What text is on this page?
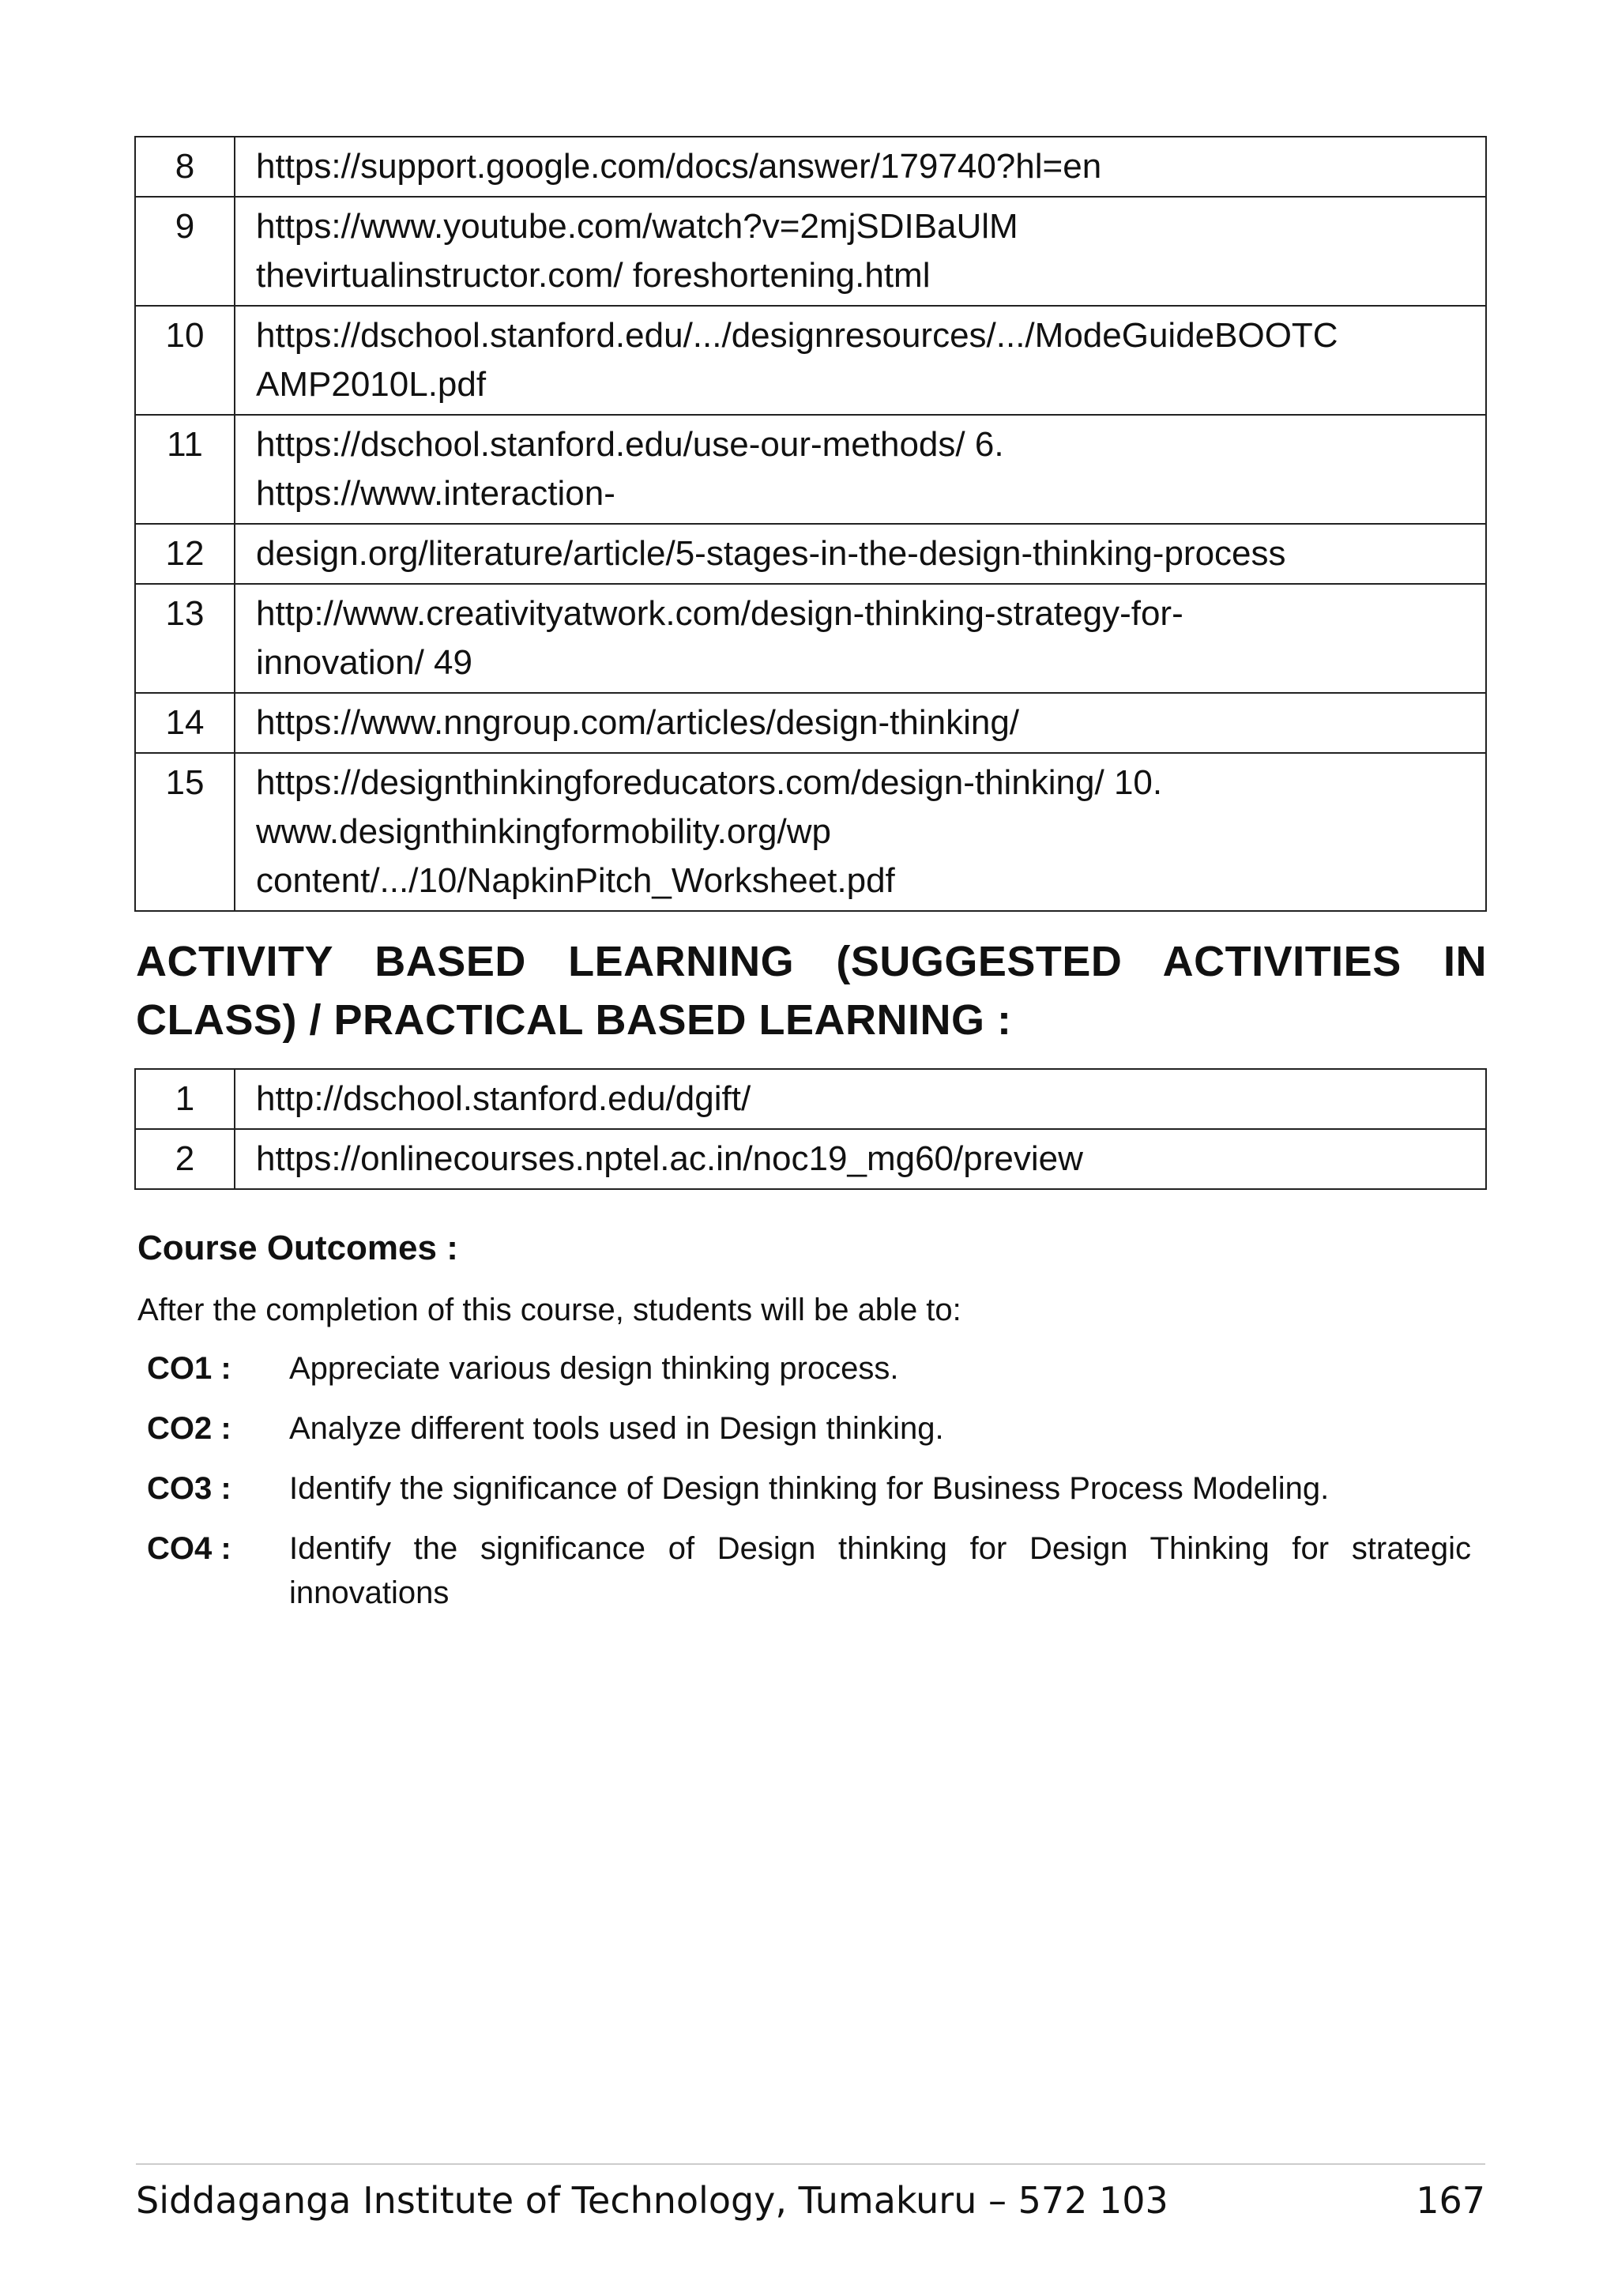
8	https://support.google.com/docs/answer/179740?hl=en

9	https://www.youtube.com/watch?v=2mjSDIBaUlM
thevirtualinstructor.com/ foreshortening.html

10	https://dschool.stanford.edu/.../designresources/.../ModeGuideBOOTC
AMP2010L.pdf

11	https://dschool.stanford.edu/use-our-methods/ 6.
https://www.interaction-

12	design.org/literature/article/5-stages-in-the-design-thinking-process

13	http://www.creativityatwork.com/design-thinking-strategy-for-
innovation/ 49

14	https://www.nngroup.com/articles/design-thinking/

15	https://designthinkingforeducators.com/design-thinking/ 10.
www.designthinkingformobility.org/wp
content/.../10/NapkinPitch_Worksheet.pdf
ACTIVITY BASED LEARNING (SUGGESTED ACTIVITIES IN CLASS) / PRACTICAL BASED LEARNING :
1	http://dschool.stanford.edu/dgift/

2	https://onlinecourses.nptel.ac.in/noc19_mg60/preview
Course Outcomes :
After the completion of this course, students will be able to:
CO1 :	Appreciate various design thinking process.
CO2 :	Analyze different tools used in Design thinking.
CO3 :	Identify the significance of Design thinking for Business Process Modeling.
CO4 :	Identify the significance of Design thinking for Design Thinking for strategic innovations
Siddaganga Institute of Technology, Tumakuru – 572 103	167
